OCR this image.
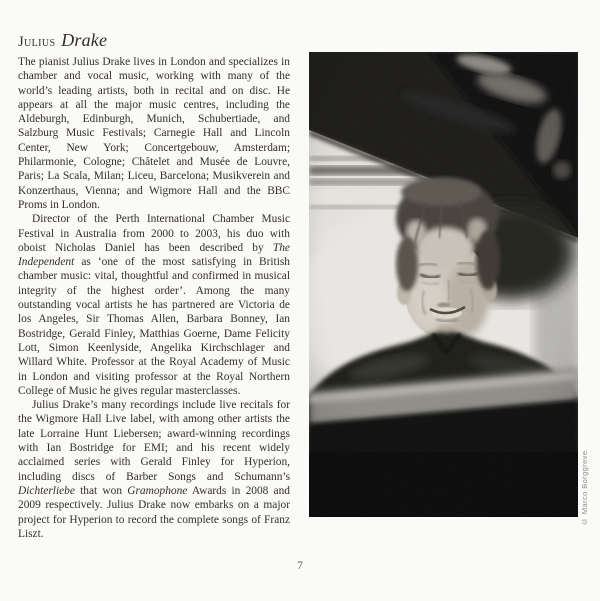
Julius Drake

The pianist Julius Drake lives in London and specializes in chamber and vocal music, working with many of the world’s leading artists, both in recital and on disc. He appears at all the major music centres, including the Aldeburgh, Edinburgh, Munich, Schubertiade, and Salzburg Music Festivals; Carnegie Hall and Lincoln Center, New York; Concertgebouw, Amsterdam; Philarmonie, Cologne; Châtelet and Musée de Louvre, Paris; La Scala, Milan; Liceu, Barcelona; Musikverein and Konzerthaus, Vienna; and Wigmore Hall and the BBC Proms in London.

Director of the Perth International Chamber Music Festival in Australia from 2000 to 2003, his duo with oboist Nicholas Daniel has been described by The Independent as ‘one of the most satisfying in British chamber music: vital, thoughtful and confirmed in musical integrity of the highest order’. Among the many outstanding vocal artists he has partnered are Victoria de los Angeles, Sir Thomas Allen, Barbara Bonney, Ian Bostridge, Gerald Finley, Matthias Goerne, Dame Felicity Lott, Simon Keenlyside, Angelika Kirchschlager and Willard White. Professor at the Royal Academy of Music in London and visiting professor at the Royal Northern College of Music he gives regular masterclasses.

Julius Drake’s many recordings include live recitals for the Wigmore Hall Live label, with among other artists the late Lorraine Hunt Liebersen; award-winning recordings with Ian Bostridge for EMI; and his recent widely acclaimed series with Gerald Finley for Hyperion, including discs of Barber Songs and Schumann’s Dichterliebe that won Gramophone Awards in 2008 and 2009 respectively. Julius Drake now embarks on a major project for Hyperion to record the complete songs of Franz Liszt.

© Marco Borggreve
7
